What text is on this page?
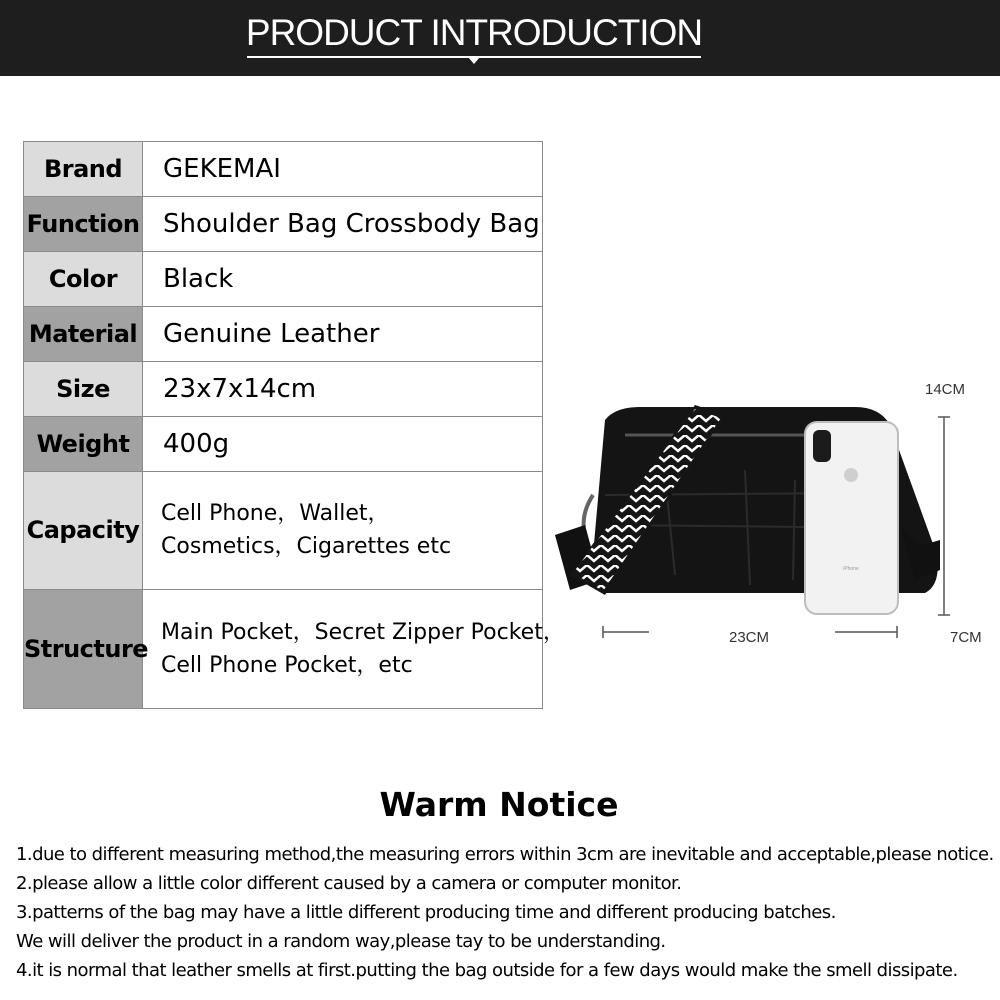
PRODUCT INTRODUCTION
Brand	GEKEMAI
Function	Shoulder Bag Crossbody Bag
Color	Black
Material	Genuine Leather
Size	23x7x14cm
Weight	400g
Capacity	Cell Phone，Wallet，
Cosmetics，Cigarettes etc

Structure	Main Pocket，Secret Zipper Pocket，
Cell Phone Pocket，etc
iPhone
14CM
23CM	7CM
Warm Notice
1.due to different measuring method,the measuring errors within 3cm are inevitable and acceptable,please notice.
2.please allow a little color different caused by a camera or computer monitor.
3.patterns of the bag may have a little different producing time and different producing batches.
We will deliver the product in a random way,please tay to be understanding.
4.it is normal that leather smells at first.putting the bag outside for a few days would make the smell dissipate.
